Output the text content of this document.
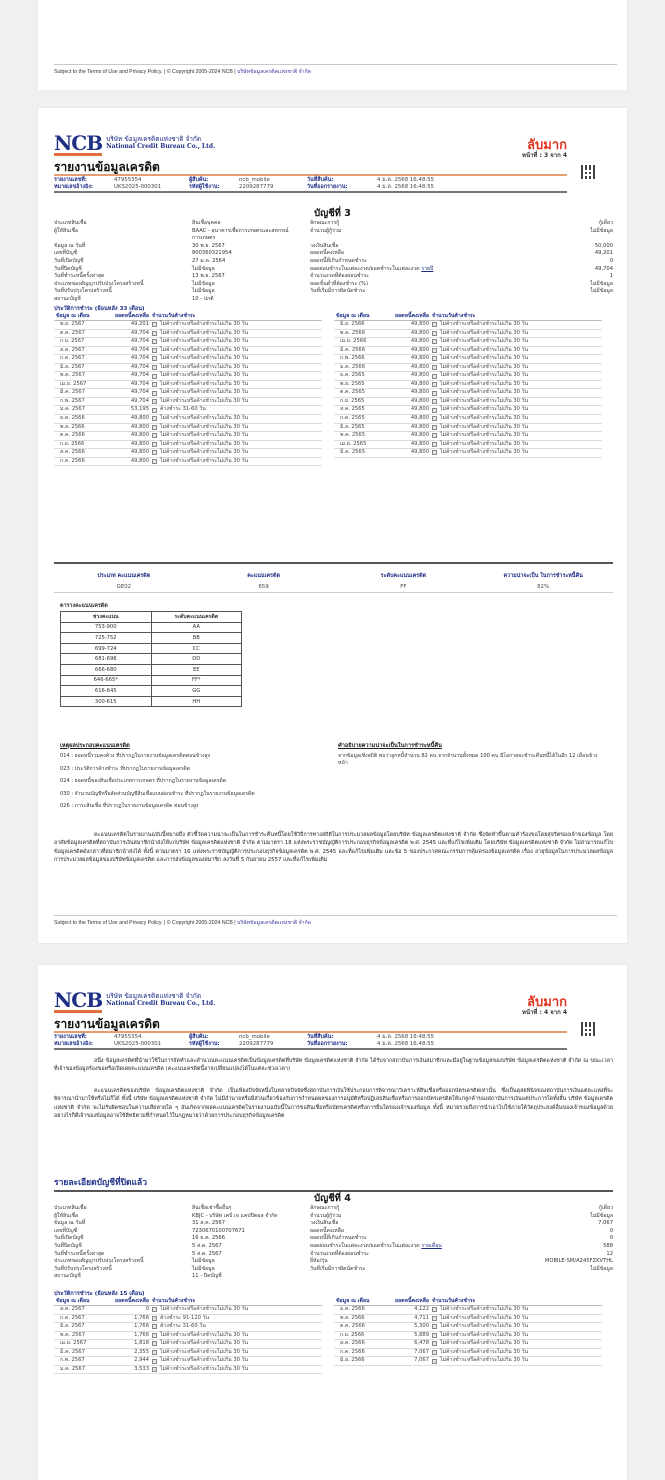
Subject to the Terms of Use and Privacy Policy. | © Copyright 2005-2024 NCB | บริษัทข้อมูลเครดิตแห่งชาติ จำกัด
NCB บริษัท ข้อมูลเครดิตแห่งชาติ จำกัด
National Credit Bureau Co., Ltd.	ลับมาก
หน้าที่ : 3 จาก 4
รายงานข้อมูลเครดิต
รายงานเลขที่:	47955354	ผู้สืบค้น:	ncb_mobile	วันที่สืบค้น:	4 ม.ค. 2568 16:48:55
หมายเลขอ้างอิง:	UKS2025-000301	รหัสผู้ใช้งาน:	2209287779	วันที่ออกรายงาน:	4 ม.ค. 2568 16:48:55
บัญชีที่ 3
ประเภทสินเชื่อ	สินเชื่อบุคคล	ลักษณะการกู้	กู้เดี่ยว
ผู้ให้สินเชื่อ	BAAC - ธนาคารเพื่อการเกษตรและสหกรณ์การเกษตร
จำนวนผู้กู้ร่วม	ไม่มีข้อมูล
ข้อมูล ณ วันที่	30 พ.ย. 2567	วงเงินสินเชื่อ	50,000
เลขที่บัญชี	800360321954	ยอดหนี้คงเหลือ	49,201
วันที่เปิดบัญชี	27 ม.ค. 2564	ยอดหนี้ที่เกินกำหนดชำระ	0
วันที่ปิดบัญชี	ไม่มีข้อมูล	ยอดผ่อนชำระในแต่ละงวด/ยอดชำระในแต่ละงวด รายปี	49,704
วันที่ชำระหนี้ครั้งล่าสุด	13 พ.ย. 2567	จำนวนงวดที่ต้องผ่อนชำระ	1
ประเภทของสัญญาปรับปรุงโครงสร้างหนี้	ไม่มีข้อมูล	ยอดขั้นต่ำที่ต้องชำระ (%)	ไม่มีข้อมูล
วันที่ปรับปรุงโครงสร้างหนี้	ไม่มีข้อมูล	วันที่เริ่มมีการผิดนัดชำระ	ไม่มีข้อมูล
สถานะบัญชี	10 - ปกติ
ประวัติการชำระ (ย้อนหลัง 33 เดือน)
ข้อมูล ณ เดือน	ยอดหนี้คงเหลือ จำนวนวันค้างชำระ
พ.ย. 2567	49,201	ไม่ค้างชำระหรือค้างชำระไม่เกิน 30 วัน
ต.ค. 2567	49,704	ไม่ค้างชำระหรือค้างชำระไม่เกิน 30 วัน
ก.ย. 2567	49,704	ไม่ค้างชำระหรือค้างชำระไม่เกิน 30 วัน
ส.ค. 2567	49,704	ไม่ค้างชำระหรือค้างชำระไม่เกิน 30 วัน
ก.ค. 2567	49,704	ไม่ค้างชำระหรือค้างชำระไม่เกิน 30 วัน
มิ.ย. 2567	49,704	ไม่ค้างชำระหรือค้างชำระไม่เกิน 30 วัน
พ.ค. 2567	49,704	ไม่ค้างชำระหรือค้างชำระไม่เกิน 30 วัน
เม.ย. 2567	49,704	ไม่ค้างชำระหรือค้างชำระไม่เกิน 30 วัน
มี.ค. 2567	49,704	ไม่ค้างชำระหรือค้างชำระไม่เกิน 30 วัน
ก.พ. 2567	49,704	ไม่ค้างชำระหรือค้างชำระไม่เกิน 30 วัน
ม.ค. 2567	53,195	ค้างชำระ 31-60 วัน
ธ.ค. 2566	49,800	ไม่ค้างชำระหรือค้างชำระไม่เกิน 30 วัน
พ.ย. 2566	49,800	ไม่ค้างชำระหรือค้างชำระไม่เกิน 30 วัน
ต.ค. 2566	49,800	ไม่ค้างชำระหรือค้างชำระไม่เกิน 30 วัน
ก.ย. 2566	49,800	ไม่ค้างชำระหรือค้างชำระไม่เกิน 30 วัน
ส.ค. 2566	49,800	ไม่ค้างชำระหรือค้างชำระไม่เกิน 30 วัน
ก.ค. 2566	49,800	ไม่ค้างชำระหรือค้างชำระไม่เกิน 30 วัน
ข้อมูล ณ เดือน	ยอดหนี้คงเหลือ จำนวนวันค้างชำระ
มิ.ย. 2566	49,800	ไม่ค้างชำระหรือค้างชำระไม่เกิน 30 วัน
พ.ค. 2566	49,800	ไม่ค้างชำระหรือค้างชำระไม่เกิน 30 วัน
เม.ย. 2566	49,800	ไม่ค้างชำระหรือค้างชำระไม่เกิน 30 วัน
มี.ค. 2566	49,800	ไม่ค้างชำระหรือค้างชำระไม่เกิน 30 วัน
ก.พ. 2566	49,800	ไม่ค้างชำระหรือค้างชำระไม่เกิน 30 วัน
ม.ค. 2566	49,800	ไม่ค้างชำระหรือค้างชำระไม่เกิน 30 วัน
ธ.ค. 2565	49,800	ไม่ค้างชำระหรือค้างชำระไม่เกิน 30 วัน
พ.ย. 2565	49,800	ไม่ค้างชำระหรือค้างชำระไม่เกิน 30 วัน
ต.ค. 2565	49,800	ไม่ค้างชำระหรือค้างชำระไม่เกิน 30 วัน
ก.ย. 2565	49,800	ไม่ค้างชำระหรือค้างชำระไม่เกิน 30 วัน
ส.ค. 2565	49,800	ไม่ค้างชำระหรือค้างชำระไม่เกิน 30 วัน
ก.ค. 2565	49,800	ไม่ค้างชำระหรือค้างชำระไม่เกิน 30 วัน
มิ.ย. 2565	49,800	ไม่ค้างชำระหรือค้างชำระไม่เกิน 30 วัน
พ.ค. 2565	49,800	ไม่ค้างชำระหรือค้างชำระไม่เกิน 30 วัน
เม.ย. 2565	49,800	ไม่ค้างชำระหรือค้างชำระไม่เกิน 30 วัน
มี.ค. 2565	49,800	ไม่ค้างชำระหรือค้างชำระไม่เกิน 30 วัน
ประเภท คะแนนเครดิต	คะแนนเครดิต	ระดับคะแนนเครดิต	ความน่าจะเป็น ในการชำระหนี้คืน
GE02	659	FF	82%
ตารางคะแนนเครดิต
ช่วงคะแนน	ระดับคะแนนเครดิต
753-900	AA
725-752	BB
699-724	CC
681-698	DD
666-680	EE
646-665*	FF*
616-645	GG
300-615	HH
เหตุผลประกอบคะแนนเครดิต
014 : ยอดหนี้รวมคงค้าง ที่ปรากฏในรายงานข้อมูลเครดิตค่อนข้างสูง
023 : ประวัติการค้างชำระ ที่ปรากฏในรายงานข้อมูลเครดิต
024 : ยอดหนี้ของสินเชื่อประเภทการเกษตร ที่ปรากฏในรายงานข้อมูลเครดิต
030 : จำนวนบัญชีหรือสัดส่วนบัญชีสินเชื่อแบบผ่อนชำระ ที่ปรากฏในรายงานข้อมูลเครดิต
026 : ภาระสินเชื่อ ที่ปรากฏในรายงานข้อมูลเครดิต ค่อนข้างสูง
คำอธิบายความน่าจะเป็นในการชำระหนี้คืน
จากข้อมูลเชิงสถิติ พบว่าลูกหนี้จำนวน 82 คน จากจำนวนทั้งหมด 100 คน มีโอกาสจะชำระคืนหนี้ได้ในอีก 12 เดือนข้างหน้า
คะแนนเครดิตในรายงานฉบับนี้หมายถึง ตัวชี้วัดความน่าจะเป็นในการชำระคืนหนี้โดยใช้วิธีการทางสถิติในการประมวลผลข้อมูลโดยบริษัท ข้อมูลเครดิตแห่งชาติ จำกัด ซึ่งจัดทำขึ้นตามคำร้องขอโดยสุจริตของเจ้าของข้อมูล โดยอาศัยข้อมูลเครดิตที่สถาบันการเงินสมาชิกนำส่งให้แก่บริษัท ข้อมูลเครดิตแห่งชาติ จำกัด ตามมาตรา 18 แห่งพระราชบัญญัติการประกอบธุรกิจข้อมูลเครดิต พ.ศ. 2545 และที่แก้ไขเพิ่มเติม โดยบริษัท ข้อมูลเครดิตแห่งชาติ จำกัด ไม่สามารถแก้ไขข้อมูลเครดิตดังกล่าวที่สมาชิกนำส่งได้ ทั้งนี้ ตามมาตรา 16 แห่งพระราชบัญญัติการประกอบธุรกิจข้อมูลเครดิต พ.ศ. 2545 และที่แก้ไขเพิ่มเติม และข้อ 5 ของประกาศคณะกรรมการคุ้มครองข้อมูลเครดิต เรื่อง อายุข้อมูลในการประมวลผลข้อมูล การประมวลผลข้อมูลของบริษัทข้อมูลเครดิต และการส่งข้อมูลของสมาชิก ลงวันที่ 5 กันยายน 2557 และที่แก้ไขเพิ่มเติม
Subject to the Terms of Use and Privacy Policy. | © Copyright 2005-2024 NCB | บริษัทข้อมูลเครดิตแห่งชาติ จำกัด
NCB บริษัท ข้อมูลเครดิตแห่งชาติ จำกัด
National Credit Bureau Co., Ltd.	ลับมาก
หน้าที่ : 4 จาก 4
รายงานข้อมูลเครดิต
รายงานเลขที่:	47955354	ผู้สืบค้น:	ncb_mobile	วันที่สืบค้น:	4 ม.ค. 2568 16:48:55
หมายเลขอ้างอิง:	UKS2025-000301	รหัสผู้ใช้งาน:	2209287779	วันที่ออกรายงาน:	4 ม.ค. 2568 16:48:55
อนึ่ง ข้อมูลเครดิตที่นำมาใช้ในการจัดทำและคำนวณคะแนนเครดิตเป็นข้อมูลเครดิตที่บริษัท ข้อมูลเครดิตแห่งชาติ จำกัด ได้รับจากสถาบันการเงินสมาชิกและมีอยู่ในฐานข้อมูลของบริษัท ข้อมูลเครดิตแห่งชาติ จำกัด ณ ขณะเวลาที่เจ้าของข้อมูลร้องขอหรือเปิดเผยคะแนนเครดิต (คะแนนเครดิตนี้อาจเปลี่ยนแปลงได้ในแต่ละช่วงเวลา)
คะแนนเครดิตของบริษัท ข้อมูลเครดิตแห่งชาติ จำกัด เป็นเพียงปัจจัยหนึ่งในหลายปัจจัยซึ่งสถาบันการเงินใช้ประกอบการพิจารณาวิเคราะห์สินเชื่อหรือออกบัตรเครดิตเท่านั้น ซึ่งเป็นดุลยพินิจของสถาบันการเงินแต่ละแห่งที่จะพิจารณานำมาใช้หรือไม่ก็ได้ ทั้งนี้ บริษัท ข้อมูลเครดิตแห่งชาติ จำกัด ไม่มีอำนาจหรือมีส่วนเกี่ยวข้องกับการกำหนดผลของการอนุมัติหรือปฏิเสธสินเชื่อหรือการออกบัตรเครดิตให้แก่ลูกค้าของสถาบันการเงินแต่ประการใดทั้งสิ้น บริษัท ข้อมูลเครดิตแห่งชาติ จำกัด จะไม่รับผิดชอบในความเสียหายใด ๆ อันเกิดจากผลคะแนนเครดิตในรายงานฉบับนี้ในการขอสินเชื่อหรือบัตรเครดิตหรือการยื่นใดของเจ้าของข้อมูล ทั้งนี้ หมายรวมถึงการนำเอาไปใช้ภายใต้วัตถุประสงค์อื่นของเจ้าของข้อมูลด้วย อย่างไรก็ดีเจ้าของข้อมูลอาจใช้สิทธิตามที่กำหนดไว้ในกฎหมายว่าด้วยการประกอบธุรกิจข้อมูลเครดิต
รายละเอียดบัญชีที่ปิดแล้ว
บัญชีที่ 4
ประเภทสินเชื่อ	สินเชื่อเช่าซื้ออื่นๆ	ลักษณะการกู้	กู้เดี่ยว
ผู้ให้สินเชื่อ	KBJC - บริษัท เคบี เจ แคปปิตอล จำกัด	จำนวนผู้กู้ร่วม	ไม่มีข้อมูล
ข้อมูล ณ วันที่	31 ส.ค. 2567	วงเงินสินเชื่อ	7,067
เลขที่บัญชี	7230670100707671	ยอดหนี้คงเหลือ	0
วันที่เปิดบัญชี	16 ธ.ค. 2566	ยอดหนี้ที่เกินกำหนดชำระ	0
วันที่ปิดบัญชี	5 ส.ค. 2567	ยอดผ่อนชำระในแต่ละงวด/ยอดชำระในแต่ละงวด รายเดือน	588
วันที่ชำระหนี้ครั้งล่าสุด	5 ส.ค. 2567	จำนวนงวดที่ต้องผ่อนชำระ	12
ประเภทของสัญญาปรับปรุงโครงสร้างหนี้	ไม่มีข้อมูล	ยี่ห้อ/รุ่น	MOBILE-SM/A245FZKVTHL
วันที่ปรับปรุงโครงสร้างหนี้	ไม่มีข้อมูล	วันที่เริ่มมีการผิดนัดชำระ	ไม่มีข้อมูล
สถานะบัญชี	11 - ปิดบัญชี
ประวัติการชำระ (ย้อนหลัง 15 เดือน)
ข้อมูล ณ เดือน	ยอดหนี้คงเหลือ จำนวนวันค้างชำระ
ส.ค. 2567	0	ไม่ค้างชำระหรือค้างชำระไม่เกิน 30 วัน
ก.ค. 2567	1,766	ค้างชำระ 91-120 วัน
มิ.ย. 2567	1,766	ค้างชำระ 31-60 วัน
พ.ค. 2567	1,766	ไม่ค้างชำระหรือค้างชำระไม่เกิน 30 วัน
เม.ย. 2567	1,818	ไม่ค้างชำระหรือค้างชำระไม่เกิน 30 วัน
มี.ค. 2567	2,355	ไม่ค้างชำระหรือค้างชำระไม่เกิน 30 วัน
ก.พ. 2567	2,944	ไม่ค้างชำระหรือค้างชำระไม่เกิน 30 วัน
ม.ค. 2567	3,533	ไม่ค้างชำระหรือค้างชำระไม่เกิน 30 วัน
ข้อมูล ณ เดือน	ยอดหนี้คงเหลือ จำนวนวันค้างชำระ
ธ.ค. 2566	4,122	ไม่ค้างชำระหรือค้างชำระไม่เกิน 30 วัน
พ.ย. 2566	4,711	ไม่ค้างชำระหรือค้างชำระไม่เกิน 30 วัน
ต.ค. 2566	5,300	ไม่ค้างชำระหรือค้างชำระไม่เกิน 30 วัน
ก.ย. 2566	5,889	ไม่ค้างชำระหรือค้างชำระไม่เกิน 30 วัน
ส.ค. 2566	6,478	ไม่ค้างชำระหรือค้างชำระไม่เกิน 30 วัน
ก.ค. 2566	7,067	ไม่ค้างชำระหรือค้างชำระไม่เกิน 30 วัน
มิ.ย. 2566	7,067	ไม่ค้างชำระหรือค้างชำระไม่เกิน 30 วัน
